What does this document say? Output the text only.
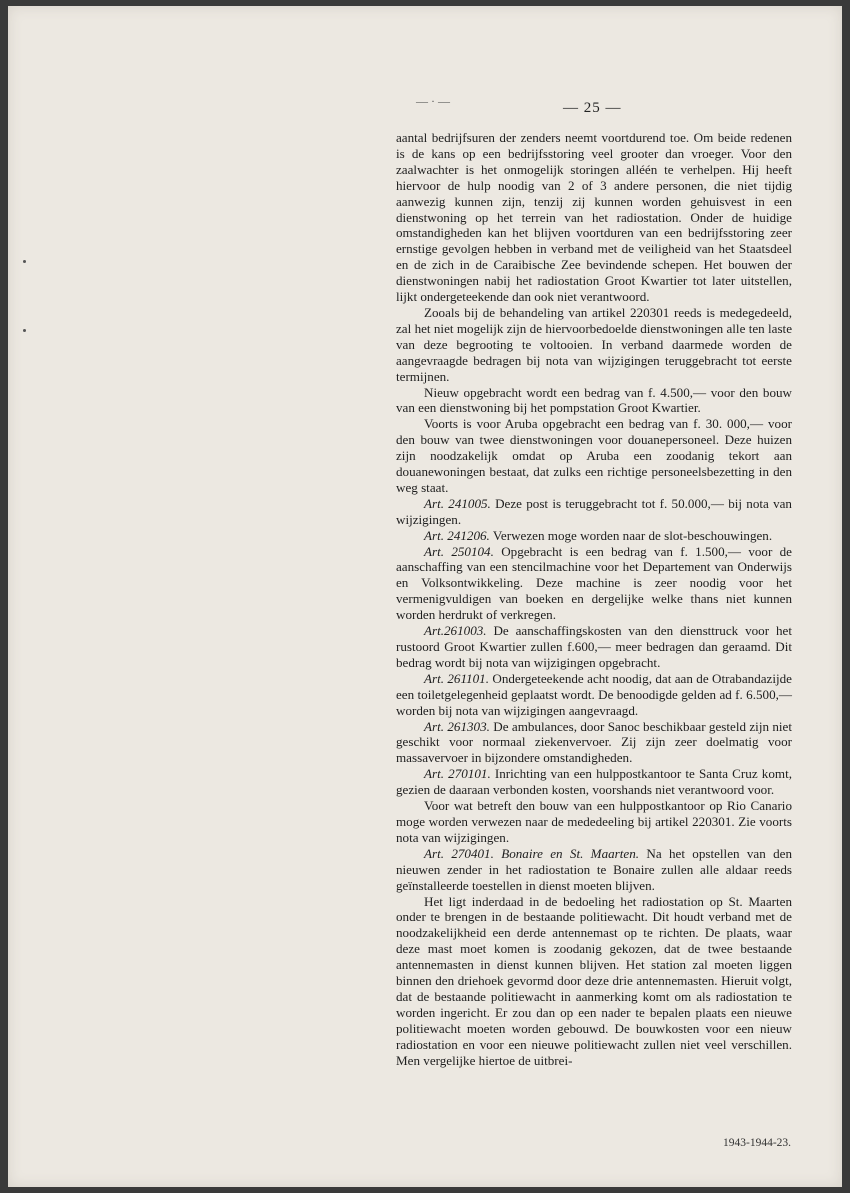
— · —	— 25 —

aantal bedrijfsuren der zenders neemt voortdurend toe. Om beide redenen is de kans op een bedrijfsstoring veel grooter dan vroeger. Voor den zaalwachter is het onmogelijk storingen alléén te verhelpen. Hij heeft hiervoor de hulp noodig van 2 of 3 andere personen, die niet tijdig aanwezig kunnen zijn, tenzij zij kunnen worden gehuisvest in een dienstwoning op het terrein van het radiostation. Onder de huidige omstandigheden kan het blijven voortduren van een bedrijfsstoring zeer ernstige gevolgen hebben in verband met de veiligheid van het Staatsdeel en de zich in de Caraibische Zee bevindende schepen. Het bouwen der dienstwoningen nabij het radiostation Groot Kwartier tot later uitstellen, lijkt ondergeteekende dan ook niet verantwoord.

Zooals bij de behandeling van artikel 220301 reeds is medegedeeld, zal het niet mogelijk zijn de hiervoorbedoelde dienstwoningen alle ten laste van deze begrooting te voltooien. In verband daarmede worden de aangevraagde bedragen bij nota van wijzigingen teruggebracht tot eerste termijnen.

Nieuw opgebracht wordt een bedrag van f. 4.500,— voor den bouw van een dienstwoning bij het pompstation Groot Kwartier.

Voorts is voor Aruba opgebracht een bedrag van f. 30. 000,— voor den bouw van twee dienstwoningen voor douanepersoneel. Deze huizen zijn noodzakelijk omdat op Aruba een zoodanig tekort aan douanewoningen bestaat, dat zulks een richtige personeelsbezetting in den weg staat.

Art. 241005. Deze post is teruggebracht tot f. 50.000,— bij nota van wijzigingen.

Art. 241206. Verwezen moge worden naar de slot-beschouwingen.

Art. 250104. Opgebracht is een bedrag van f. 1.500,— voor de aanschaffing van een stencilmachine voor het Departement van Onderwijs en Volksontwikkeling. Deze machine is zeer noodig voor het vermenigvuldigen van boeken en dergelijke welke thans niet kunnen worden herdrukt of verkregen.

Art.261003. De aanschaffingskosten van den diensttruck voor het rustoord Groot Kwartier zullen f.600,— meer bedragen dan geraamd. Dit bedrag wordt bij nota van wijzigingen opgebracht.

Art. 261101. Ondergeteekende acht noodig, dat aan de Otrabandazijde een toiletgelegenheid geplaatst wordt. De benoodigde gelden ad f. 6.500,— worden bij nota van wijzigingen aangevraagd.

Art. 261303. De ambulances, door Sanoc beschikbaar gesteld zijn niet geschikt voor normaal ziekenvervoer. Zij zijn zeer doelmatig voor massavervoer in bijzondere omstandigheden.

Art. 270101. Inrichting van een hulppostkantoor te Santa Cruz komt, gezien de daaraan verbonden kosten, voorshands niet verantwoord voor.

Voor wat betreft den bouw van een hulppostkantoor op Rio Canario moge worden verwezen naar de mededeeling bij artikel 220301. Zie voorts nota van wijzigingen.

Art. 270401. Bonaire en St. Maarten. Na het opstellen van den nieuwen zender in het radiostation te Bonaire zullen alle aldaar reeds geïnstalleerde toestellen in dienst moeten blijven.

Het ligt inderdaad in de bedoeling het radiostation op St. Maarten onder te brengen in de bestaande politiewacht. Dit houdt verband met de noodzakelijkheid een derde antennemast op te richten. De plaats, waar deze mast moet komen is zoodanig gekozen, dat de twee bestaande antennemasten in dienst kunnen blijven. Het station zal moeten liggen binnen den driehoek gevormd door deze drie antennemasten. Hieruit volgt, dat de bestaande politiewacht in aanmerking komt om als radiostation te worden ingericht. Er zou dan op een nader te bepalen plaats een nieuwe politiewacht moeten worden gebouwd. De bouwkosten voor een nieuw radiostation en voor een nieuwe politiewacht zullen niet veel verschillen. Men vergelijke hiertoe de uitbrei-

1943-1944-23.
